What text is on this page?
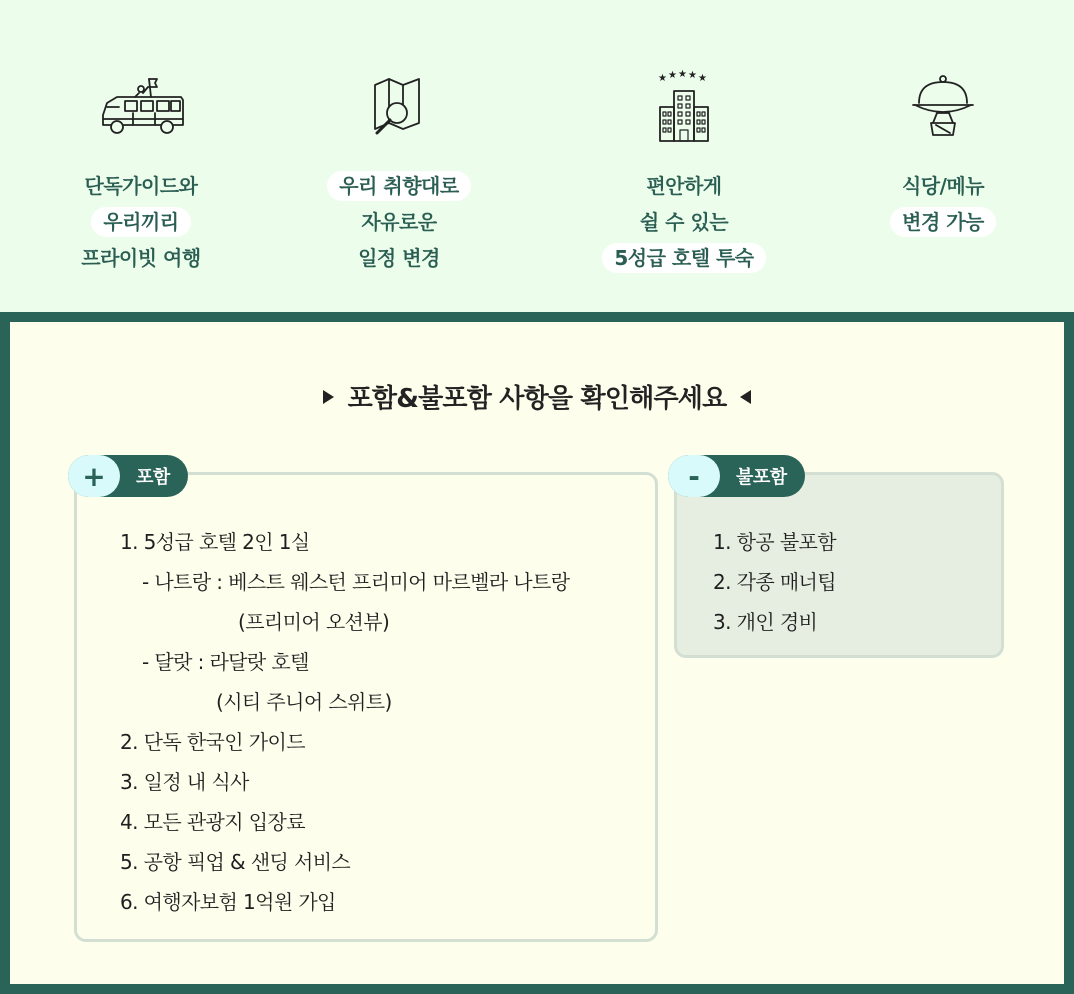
단독가이드와
우리끼리
프라이빗 여행
우리 취향대로
자유로운
일정 변경
★ ★ ★ ★ ★
편안하게
쉴 수 있는
5성급 호텔 투숙
식당/메뉴
변경 가능
포함&불포함 사항을 확인해주세요
+	포함	-	불포함
1. 5성급 호텔 2인 1실
- 나트랑 : 베스트 웨스턴 프리미어 마르벨라 나트랑
(프리미어 오션뷰)
- 달랏 : 라달랏 호텔
(시티 주니어 스위트)
2. 단독 한국인 가이드
3. 일정 내 식사
4. 모든 관광지 입장료
5. 공항 픽업 & 샌딩 서비스
6. 여행자보험 1억원 가입
1. 항공 불포함
2. 각종 매너팁
3. 개인 경비
